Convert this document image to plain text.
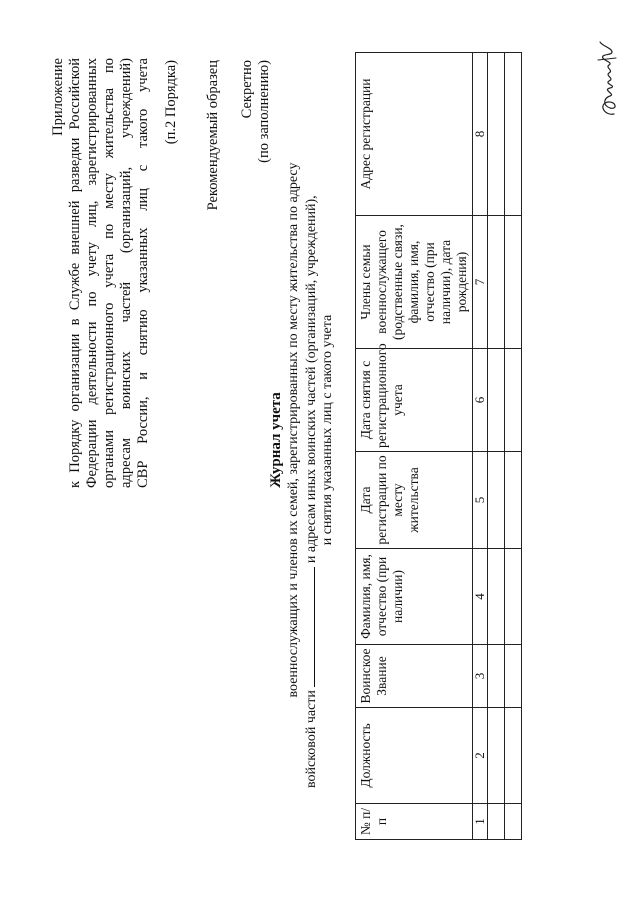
Приложение к Порядку организации в Службе внешней разведки Российской Федерации деятельности по учету лиц, зарегистрированных органами регистрационного учета по месту жительства по адресам воинских частей (организаций, учреждений) СВР России, и снятию указанных лиц с такого учета (п.2 Порядка) Рекомендуемый образец Секретно (по заполнению)
Журнал учета военнослужащих и членов их семей, зарегистрированных по месту жительства по адресу
войсковой части  и адресам иных воинских частей (организаций, учреждений), и снятия указанных лиц с такого учета
№ п/п	Должность	Воинское Звание	Фамилия, имя, отчество (при наличии)	Дата регистрации по месту жительства	Дата снятия с регистрационного учета	Члены семьи военнослужащего (родственные связи, фамилия, имя, отчество (при наличии), дата рождения)	Адрес регистрации
1	2	3	4	5	6	7	8
